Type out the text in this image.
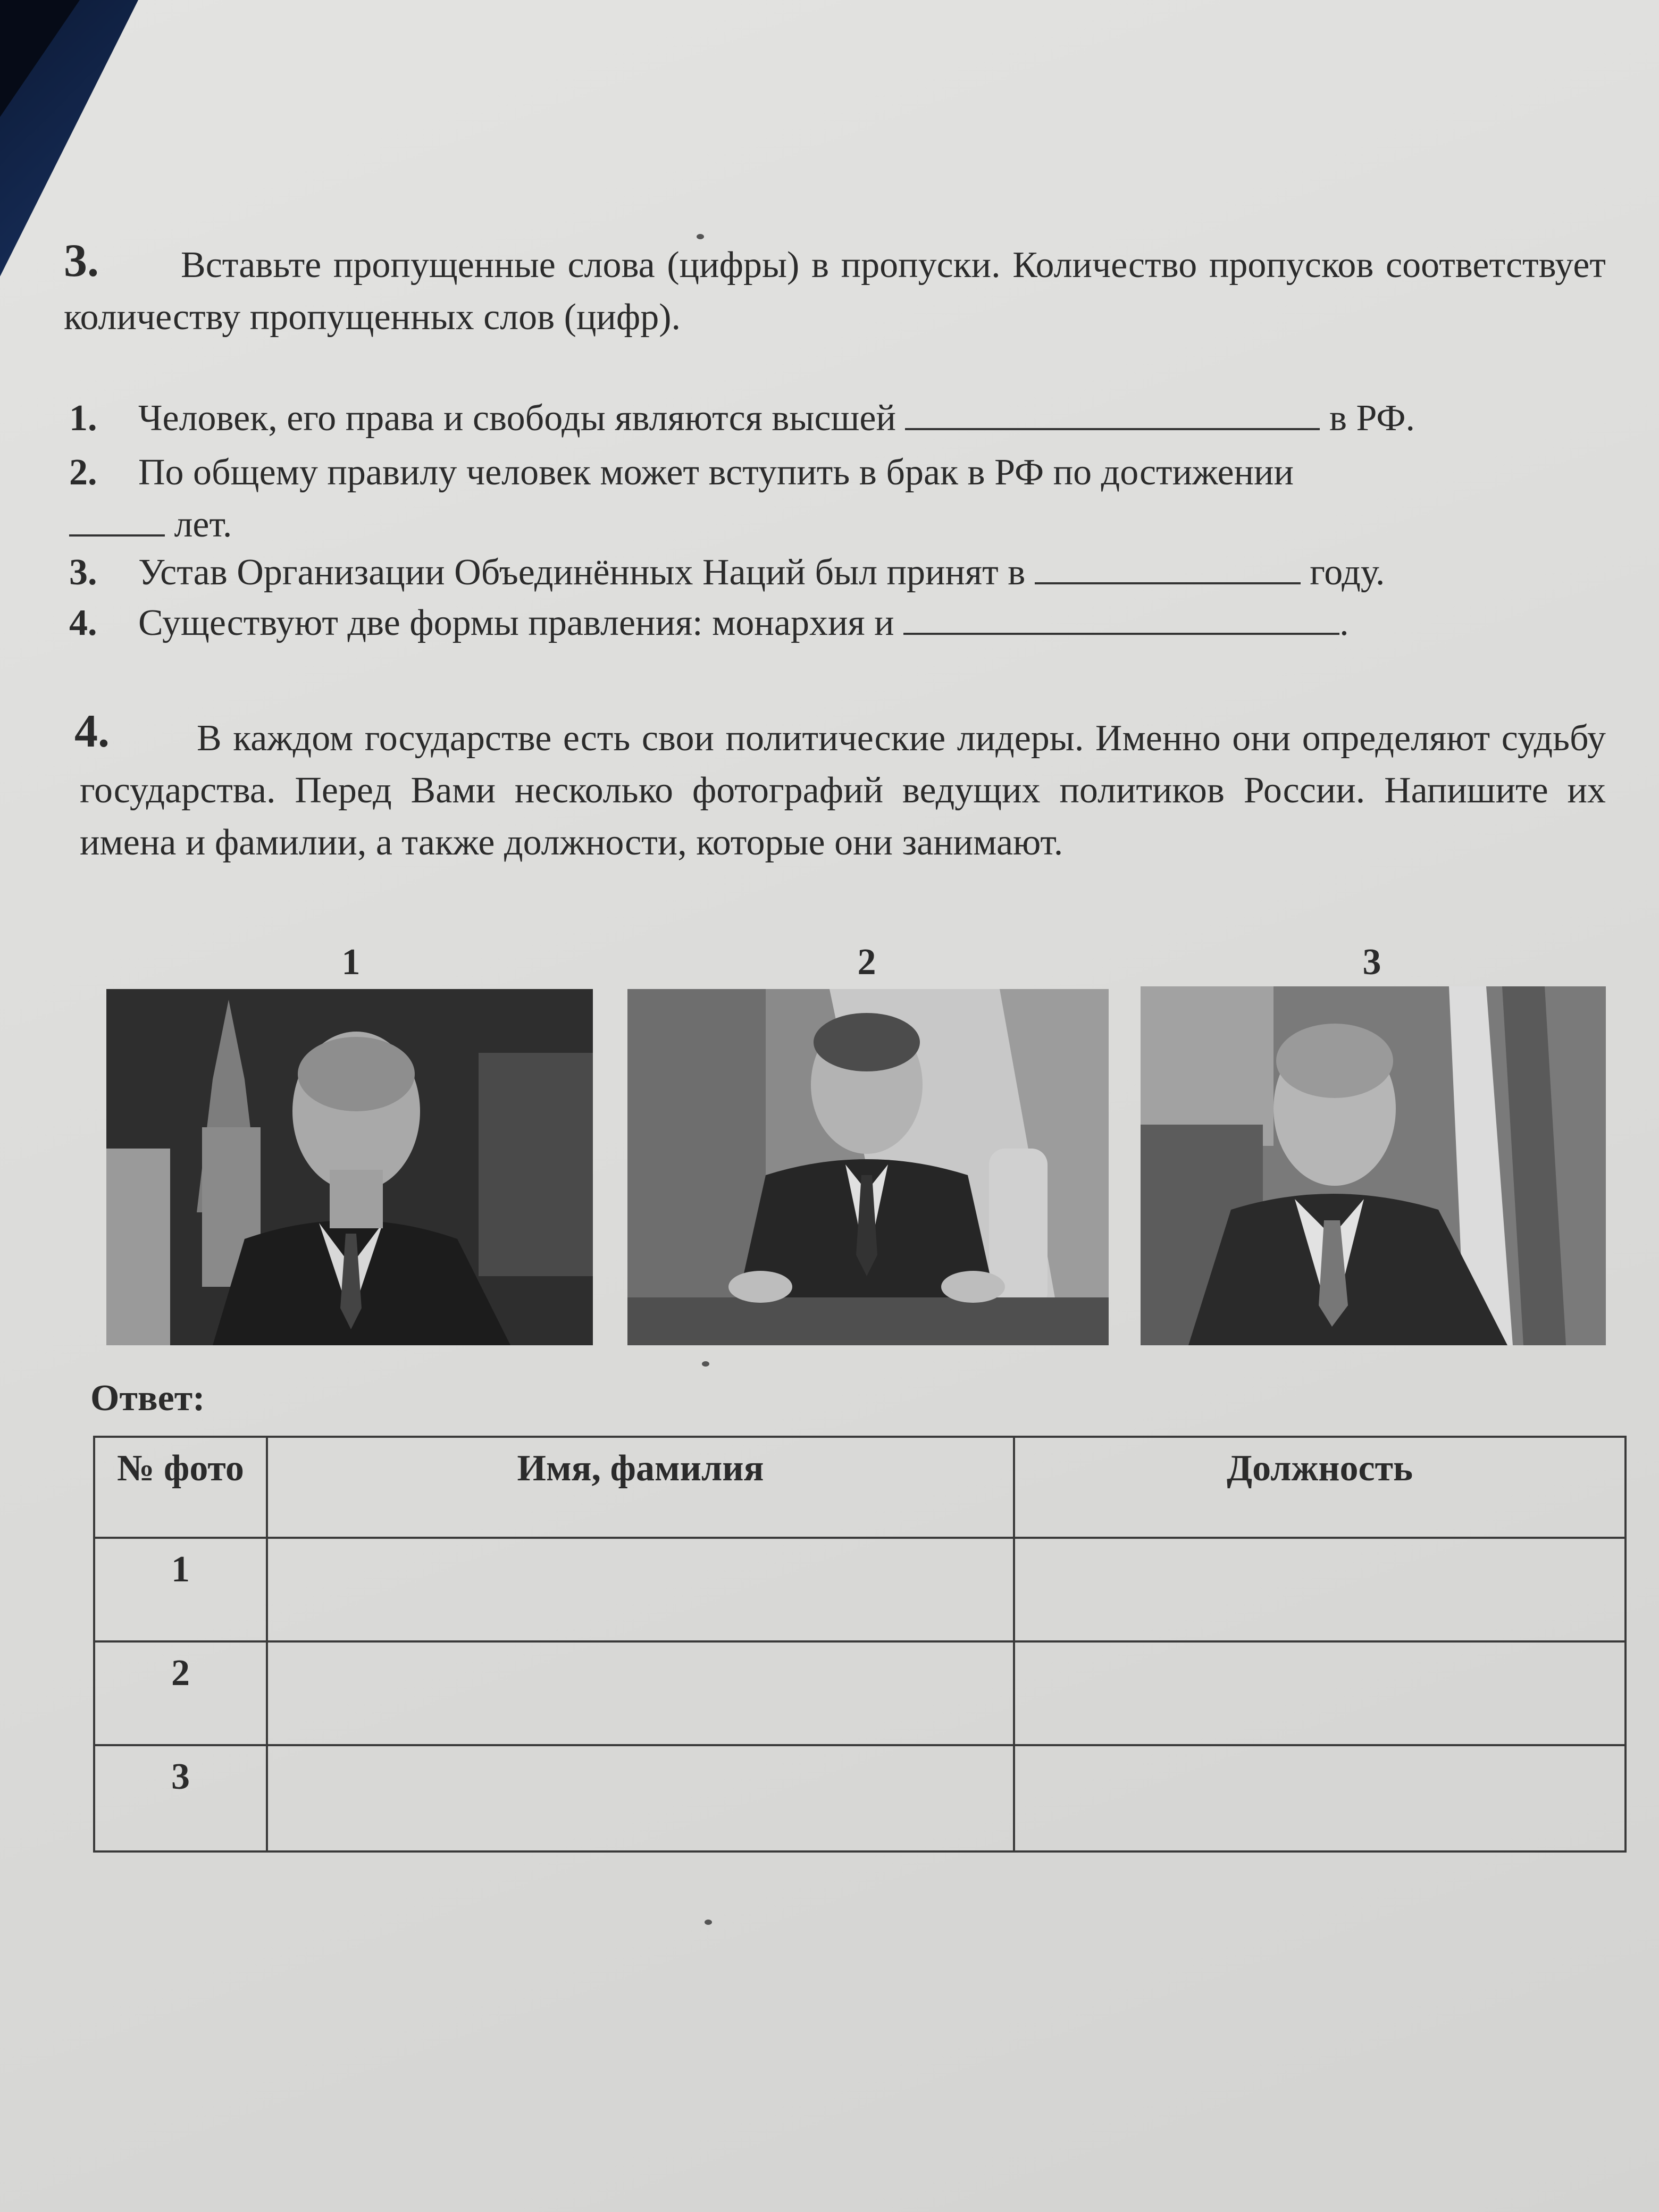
3.	Вставьте пропущенные слова (цифры) в пропуски. Количество пропусков соответствует количеству пропущенных слов (цифр).
1. Человек, его права и свободы являются высшей	в РФ.
2. По общему правилу человек может вступить в брак в РФ по достижении
лет.
3. Устав Организации Объединённых Наций был принят в	году.
4. Существуют две формы правления: монархия и	.
4.	В каждом государстве есть свои политические лидеры. Именно они определяют судьбу государства. Перед Вами несколько фотографий ведущих политиков России. Напишите их имена и фамилии, а также должности, которые они занимают.
1	2	3
Ответ:
№ фото	Имя, фамилия	Должность
1		
2		
3		
